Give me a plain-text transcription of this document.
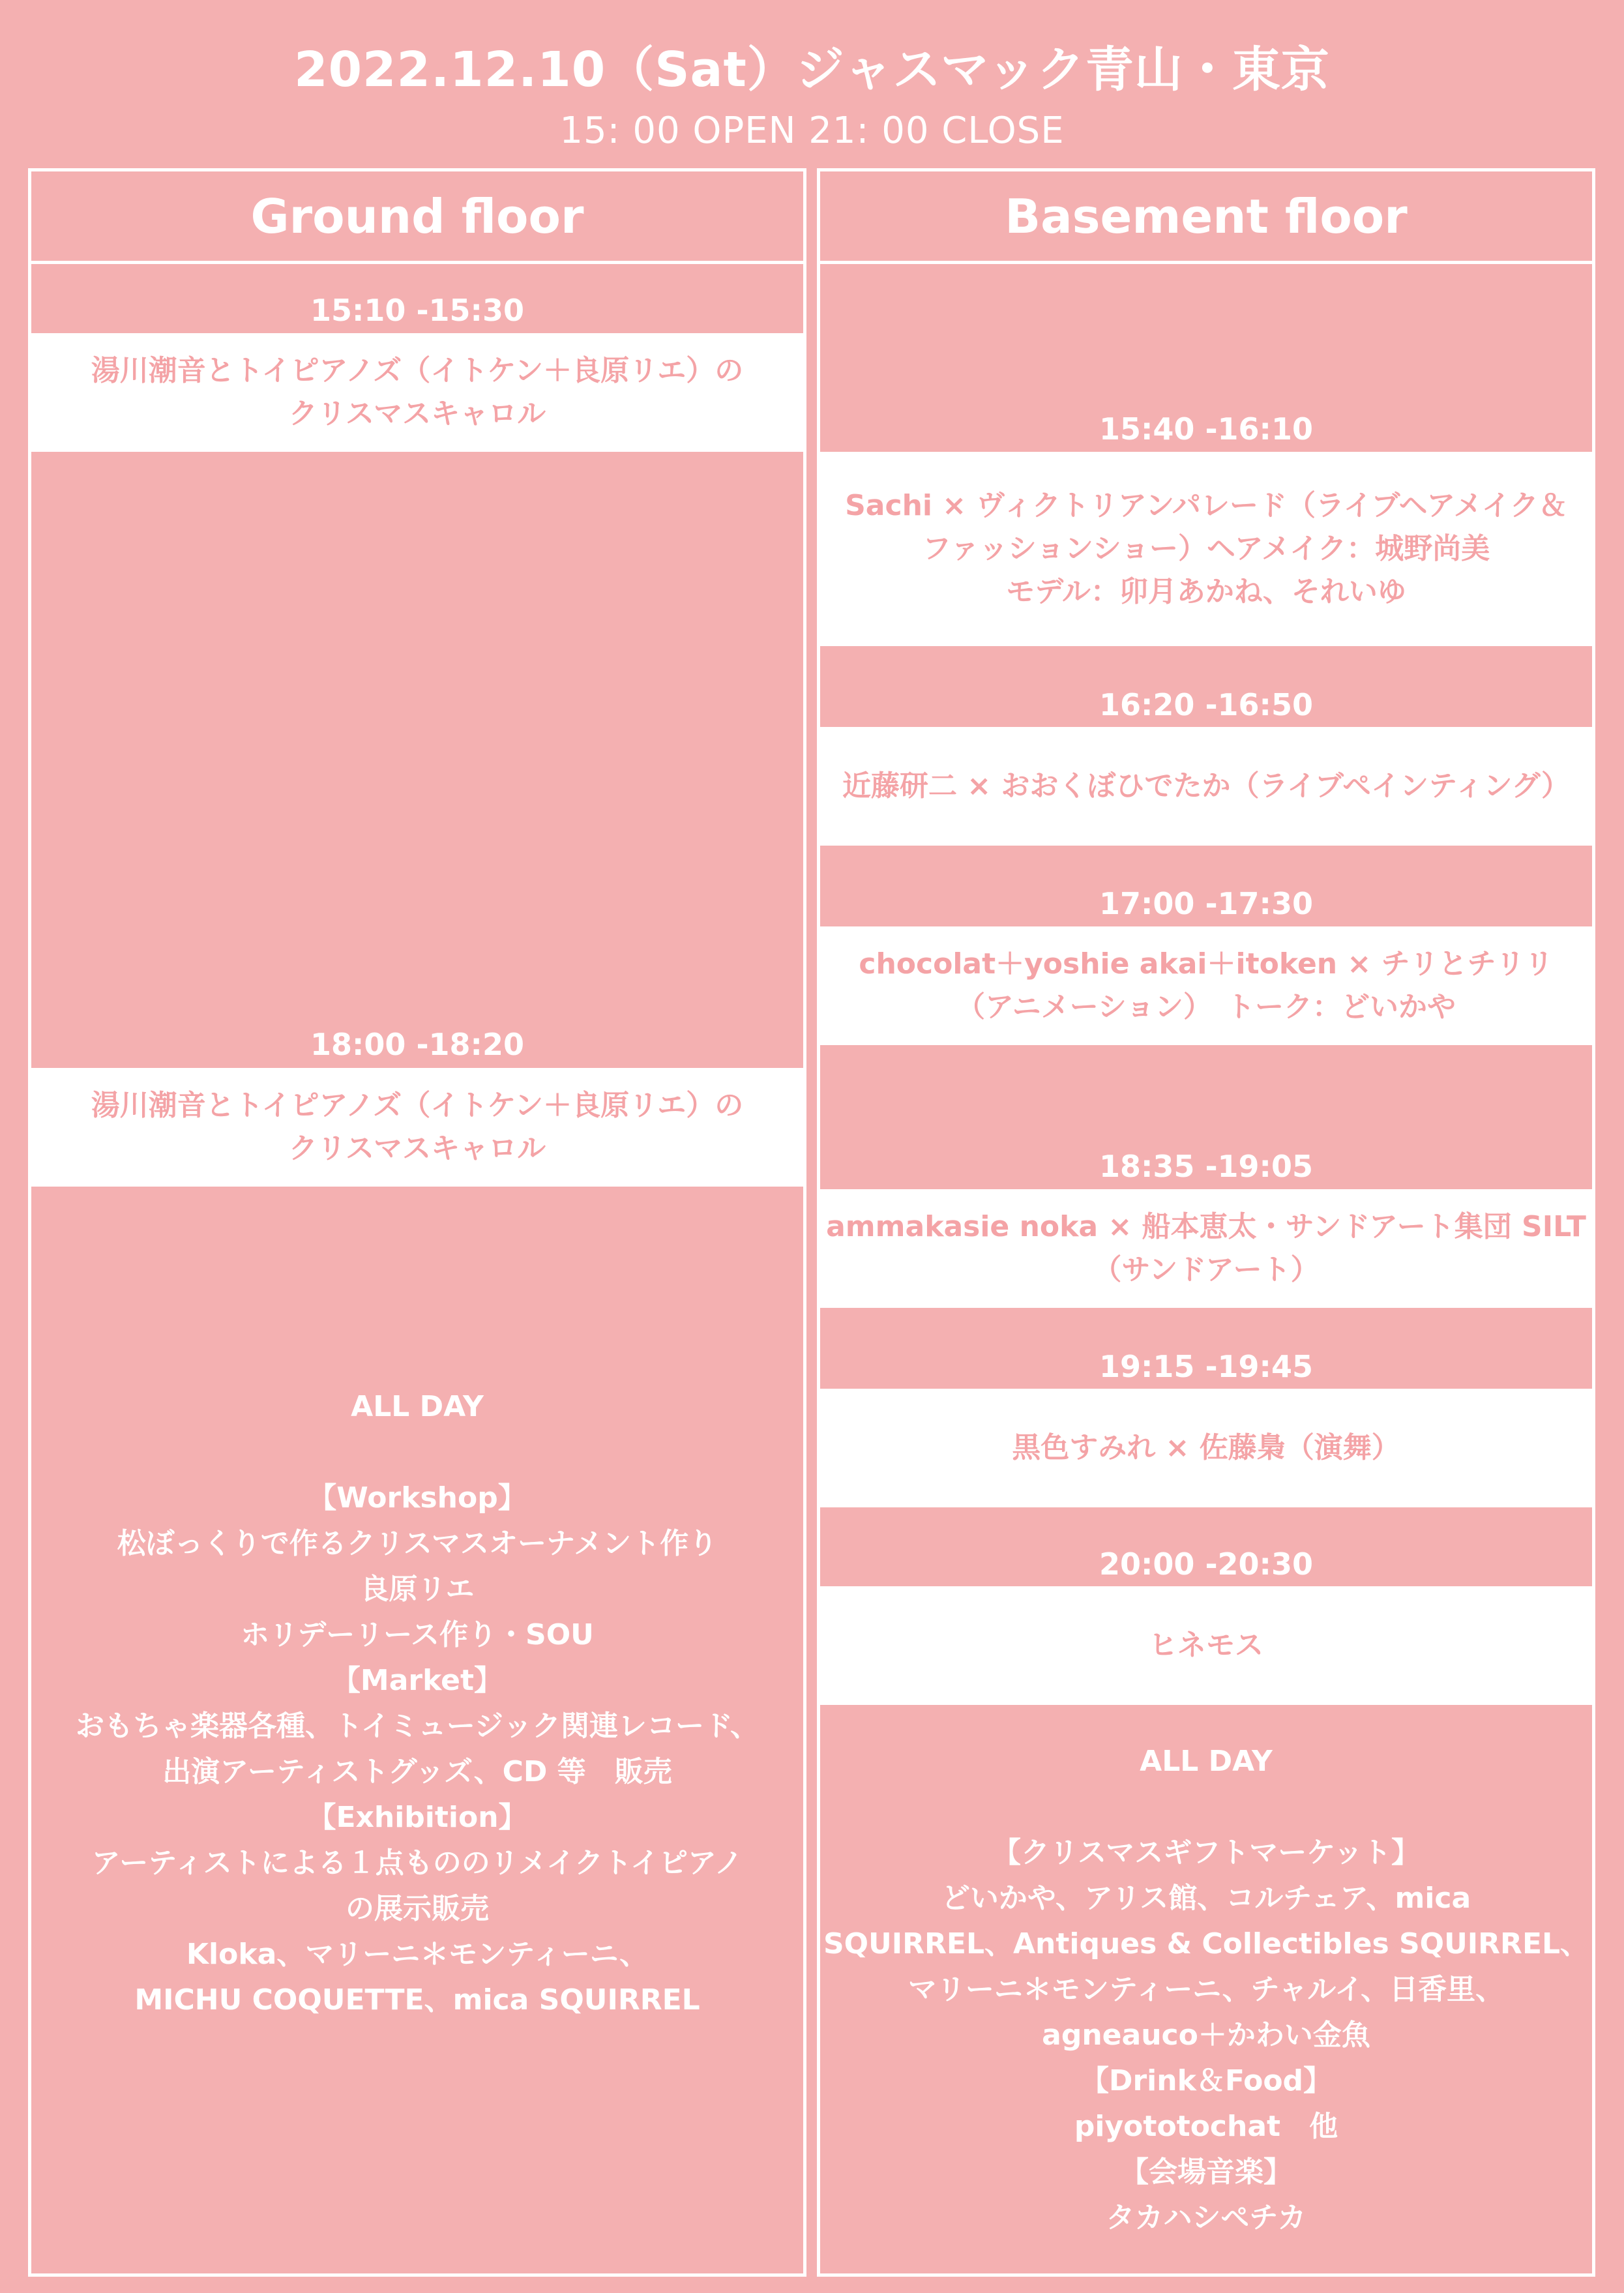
2022.12.10（Sat）ジャスマック青山・東京
15: 00 OPEN 21: 00 CLOSE
Ground floor
15:10 -15:30
湯川潮音とトイピアノズ（イトケン＋良原リエ）の
クリスマスキャロル
18:00 -18:20
湯川潮音とトイピアノズ（イトケン＋良原リエ）の
クリスマスキャロル
ALL DAY
【Workshop】
松ぼっくりで作るクリスマスオーナメント作り
良原リエ
ホリデーリース作り・SOU
【Market】
おもちゃ楽器各種、トイミュージック関連レコード、
出演アーティストグッズ、CD 等　販売
【Exhibition】
アーティストによる１点もののリメイクトイピアノ
の展示販売
Kloka、マリーニ＊モンティーニ、
MICHU COQUETTE、mica SQUIRREL
Basement floor
15:40 -16:10
Sachi × ヴィクトリアンパレード（ライブヘアメイク＆
ファッションショー）ヘアメイク：城野尚美
モデル：卯月あかね、それいゆ
16:20 -16:50
近藤研二 × おおくぼひでたか（ライブペインティング）
17:00 -17:30
chocolat＋yoshie akai＋itoken × チリとチリリ
（アニメーション）　トーク：どいかや
18:35 -19:05
ammakasie noka × 船本恵太・サンドアート集団 SILT
（サンドアート）
19:15 -19:45
黒色すみれ × 佐藤梟（演舞）
20:00 -20:30
ヒネモス
ALL DAY
【クリスマスギフトマーケット】
どいかや、アリス館、コルチェア、mica
SQUIRREL、Antiques & Collectibles SQUIRREL、
マリーニ＊モンティーニ、チャルイ、日香里、
agneauco＋かわい金魚
【Drink＆Food】
piyototochat　他
【会場音楽】
タカハシペチカ
